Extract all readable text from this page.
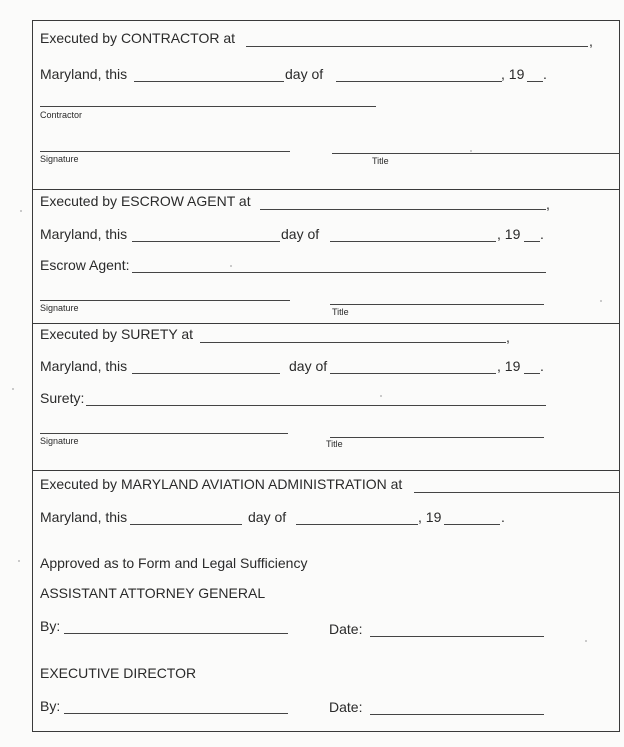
Executed by CONTRACTOR at	,
Maryland, this	day of	, 19 .
Contractor
Signature	Title
Executed by ESCROW AGENT at	,
Maryland, this	day of	, 19 .
Escrow Agent:
Signature	Title
Executed by SURETY at	,
Maryland, this	day of	, 19 .
Surety:
Signature	Title
Executed by MARYLAND AVIATION ADMINISTRATION at
Maryland, this	day of	, 19	.
Approved as to Form and Legal Sufficiency
ASSISTANT ATTORNEY GENERAL
By:	Date:
EXECUTIVE DIRECTOR
By:	Date:
